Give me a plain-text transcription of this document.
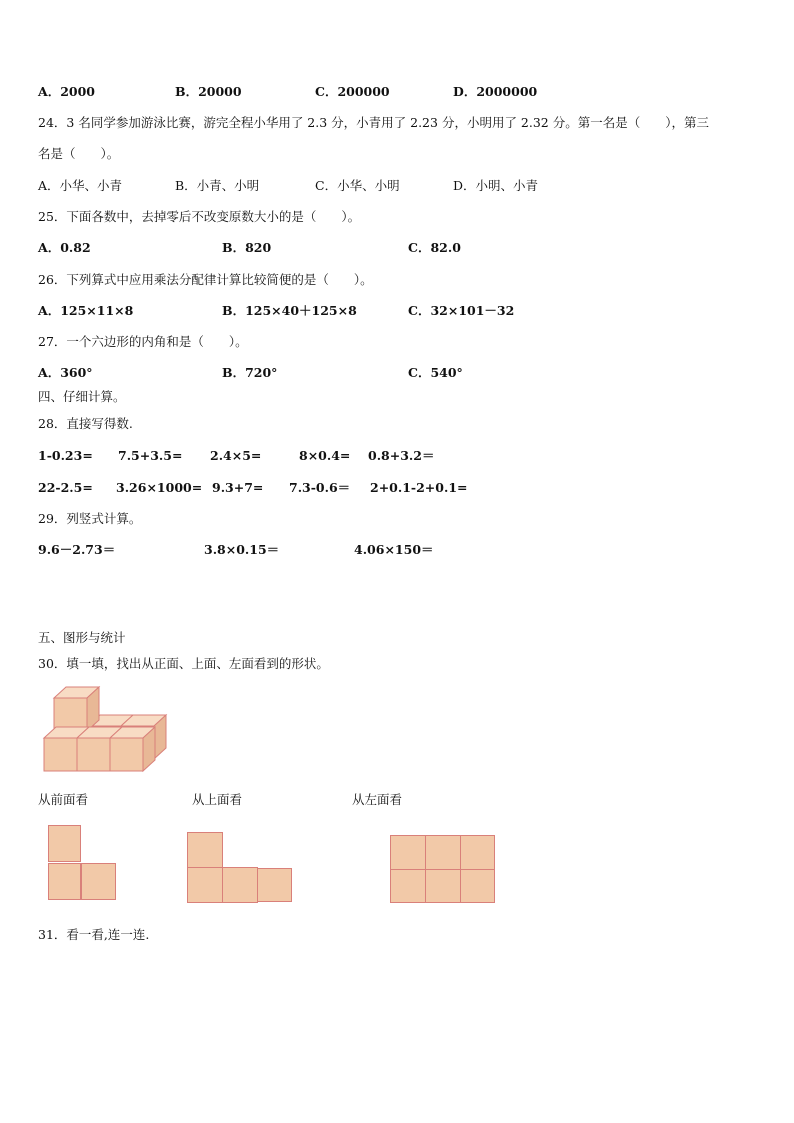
A．2000	B．20000	C．200000	D．2000000
24．3 名同学参加游泳比赛，游完全程小华用了 2.3 分，小青用了 2.23 分，小明用了 2.32 分。第一名是（　　），第三
名是（　　）。
A．小华、小青	B．小青、小明	C．小华、小明	D．小明、小青
25．下面各数中，去掉零后不改变原数大小的是（　　）。
A．0.82	B．820	C．82.0
26．下列算式中应用乘法分配律计算比较简便的是（　　）。
A．125×11×8	B．125×40＋125×8	C．32×101－32
27．一个六边形的内角和是（　　）。
A．360°	B．720°	C．540°
四、仔细计算。
28．直接写得数.
1-0.23= 7.5+3.5= 2.4×5=	8×0.4= 0.8+3.2＝
22-2.5= 3.26×1000= 9.3+7= 7.3-0.6＝ 2+0.1-2+0.1=
29．列竖式计算。
9.6－2.73＝	3.8×0.15＝	4.06×150＝
五、图形与统计
30．填一填，找出从正面、上面、左面看到的形状。
从前面看	从上面看	从左面看
31．看一看,连一连.
